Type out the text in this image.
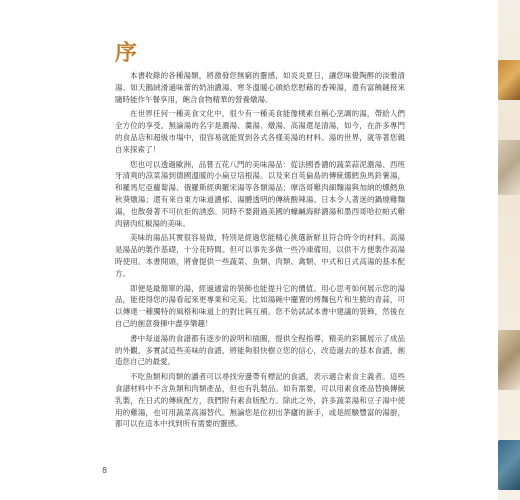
序

本書收錄的各種湯類，將激發您無窮的靈感，如炎炎夏日，讓您味覺陶醉的淡雅清湯、如天鵝絨滑過味蕾的奶油濃湯、寒冬溫暖心頭給您慰藉的香辣湯，還有富饒鏈接來隨時能作午餐享用，飽合食物精華的營養燉湯。

在世界任何一種美食文化中，很少有一種美食能像樸素自稱心烹調的湯，帶給人們全方位的享受。無論湯的名字是濃湯、羹湯、燉湯、高湯還是清湯，如今，在許多專門的食品店和超級市場中，很容易就能買到各式各樣美湯的材料。湯的世界，就等著您親自來探索了！

您也可以透過歐洲，品嘗五花八門的美味湯品：從法國香濃的蔬菜蒜泥濃湯、西班牙清爽的涼菜湯到德國溫暖的小扁豆培根湯。以及來自英倫島的傳統燻鱈魚馬鈴薯湯，和羅馬尼亞蘿蔔湯、俄羅斯經典羅宋湯等各類湯品；摩洛哥雞肉細麵湯與加納的燻鱈魚秋葵燉湯；還有來自東方味道濃郁、湯體透明的傳統酸辣湯、日本令人著迷的鍋燒雞麵湯，也散發著不可抗拒的誘惑。同時不要錯過美國的蠔鹹海鮮濃湯和墨西哥哈拉帕式雞肉豬肉紅椒湯的美味。

美味的湯品其實很容易做，特別是經過您能精心挑選新鮮且符合時令的材料。高湯是湯品的製作基礎，十分花時間。但可以事先多做一些冷凍備用，以供不方便製作高湯時使用。本書開頭，將會提供一些蔬菜、魚類、肉類、禽類、中式和日式高湯的基本配方。

即便是最簡單的湯，經過適當的裝飾也能提升它的價值。用心思考如何展示您的湯品，能使得您的湯看起來更專業和完美。比如湯碗中擺置的烤麵包片和生脆的青蒜，可以傳達一種獨特的風格和味道上的對比與互補。您不妨試試本書中建議的裝飾，然後在自己的創意發揮中盡享樂趣！

書中每道湯的食譜都有逐步的說明和插圖，提供全程指導，精美的彩圖展示了成品的外觀，多實試這些美味的食譜，將能夠很快樹立您的信心，改造過去的基本食譜，創造您自己的最愛。

不吃魚類和肉類的讀者可以尋找旁邊帶有標記的食譜，表示適合素食主義者。這些食譜材料中不含魚類和肉類產品，但也有乳製品。如有需要，可以用素食產品替換傳統乳製，在日式的傳統配方，我們附有素食版配方。除此之外，許多蔬菜湯和豆子湯中使用的雞湯，也可用蔬菜高湯替代。無論您是位初出茅廬的新手，或是經驗豐富的湯廚，都可以在這本中找到所有需要的靈感。

8
